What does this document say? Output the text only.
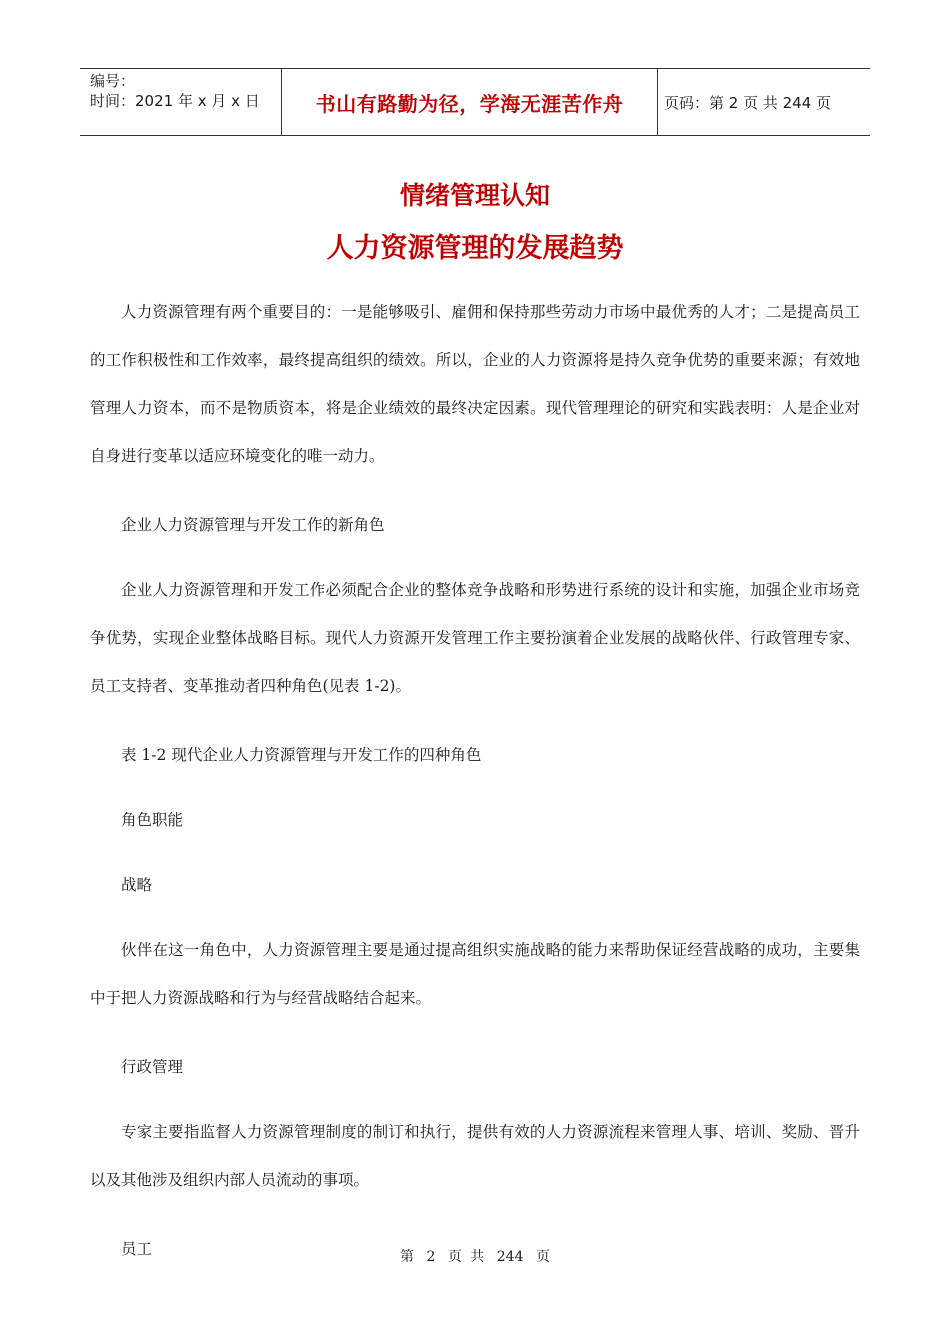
编号：
时间：2021 年 x 月 x 日	书山有路勤为径，学海无涯苦作舟	页码：第 2 页 共 244 页
情绪管理认知
人力资源管理的发展趋势

人力资源管理有两个重要目的：一是能够吸引、雇佣和保持那些劳动力市场中最优秀的人才；二是提高员工的工作积极性和工作效率，最终提高组织的绩效。所以，企业的人力资源将是持久竞争优势的重要来源；有效地管理人力资本，而不是物质资本，将是企业绩效的最终决定因素。现代管理理论的研究和实践表明：人是企业对自身进行变革以适应环境变化的唯一动力。

企业人力资源管理与开发工作的新角色

企业人力资源管理和开发工作必须配合企业的整体竞争战略和形势进行系统的设计和实施，加强企业市场竞争优势，实现企业整体战略目标。现代人力资源开发管理工作主要扮演着企业发展的战略伙伴、行政管理专家、员工支持者、变革推动者四种角色(见表 1-2)。

表 1-2 现代企业人力资源管理与开发工作的四种角色

角色职能

战略

伙伴在这一角色中，人力资源管理主要是通过提高组织实施战略的能力来帮助保证经营战略的成功，主要集中于把人力资源战略和行为与经营战略结合起来。

行政管理

专家主要指监督人力资源管理制度的制订和执行，提供有效的人力资源流程来管理人事、培训、奖励、晋升以及其他涉及组织内部人员流动的事项。

员工	第 2 页 共 244 页
